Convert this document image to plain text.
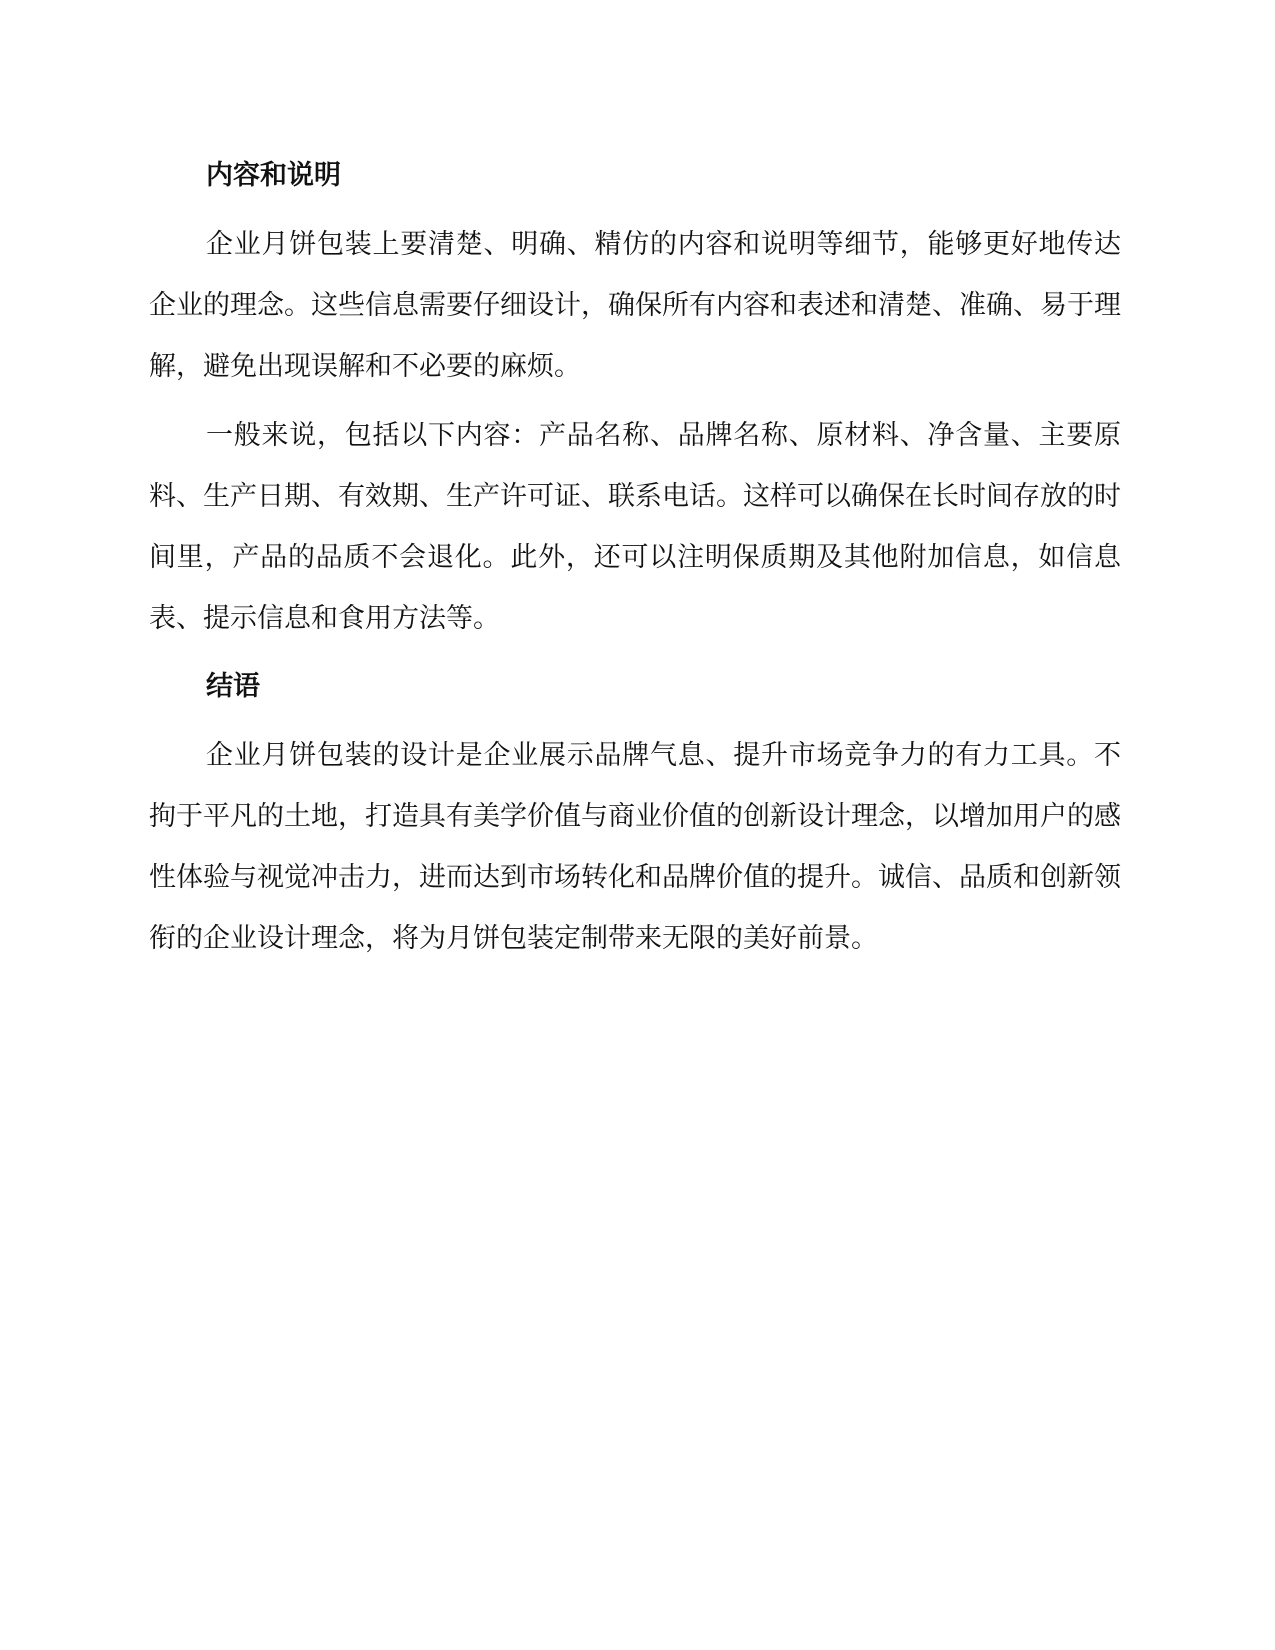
内容和说明

企业月饼包装上要清楚、明确、精仿的内容和说明等细节，能够更好地传达企业的理念。这些信息需要仔细设计，确保所有内容和表述和清楚、准确、易于理解，避免出现误解和不必要的麻烦。

一般来说，包括以下内容：产品名称、品牌名称、原材料、净含量、主要原料、生产日期、有效期、生产许可证、联系电话。这样可以确保在长时间存放的时间里，产品的品质不会退化。此外，还可以注明保质期及其他附加信息，如信息表、提示信息和食用方法等。

结语

企业月饼包装的设计是企业展示品牌气息、提升市场竞争力的有力工具。不拘于平凡的土地，打造具有美学价值与商业价值的创新设计理念，以增加用户的感性体验与视觉冲击力，进而达到市场转化和品牌价值的提升。诚信、品质和创新领衔的企业设计理念，将为月饼包装定制带来无限的美好前景。
